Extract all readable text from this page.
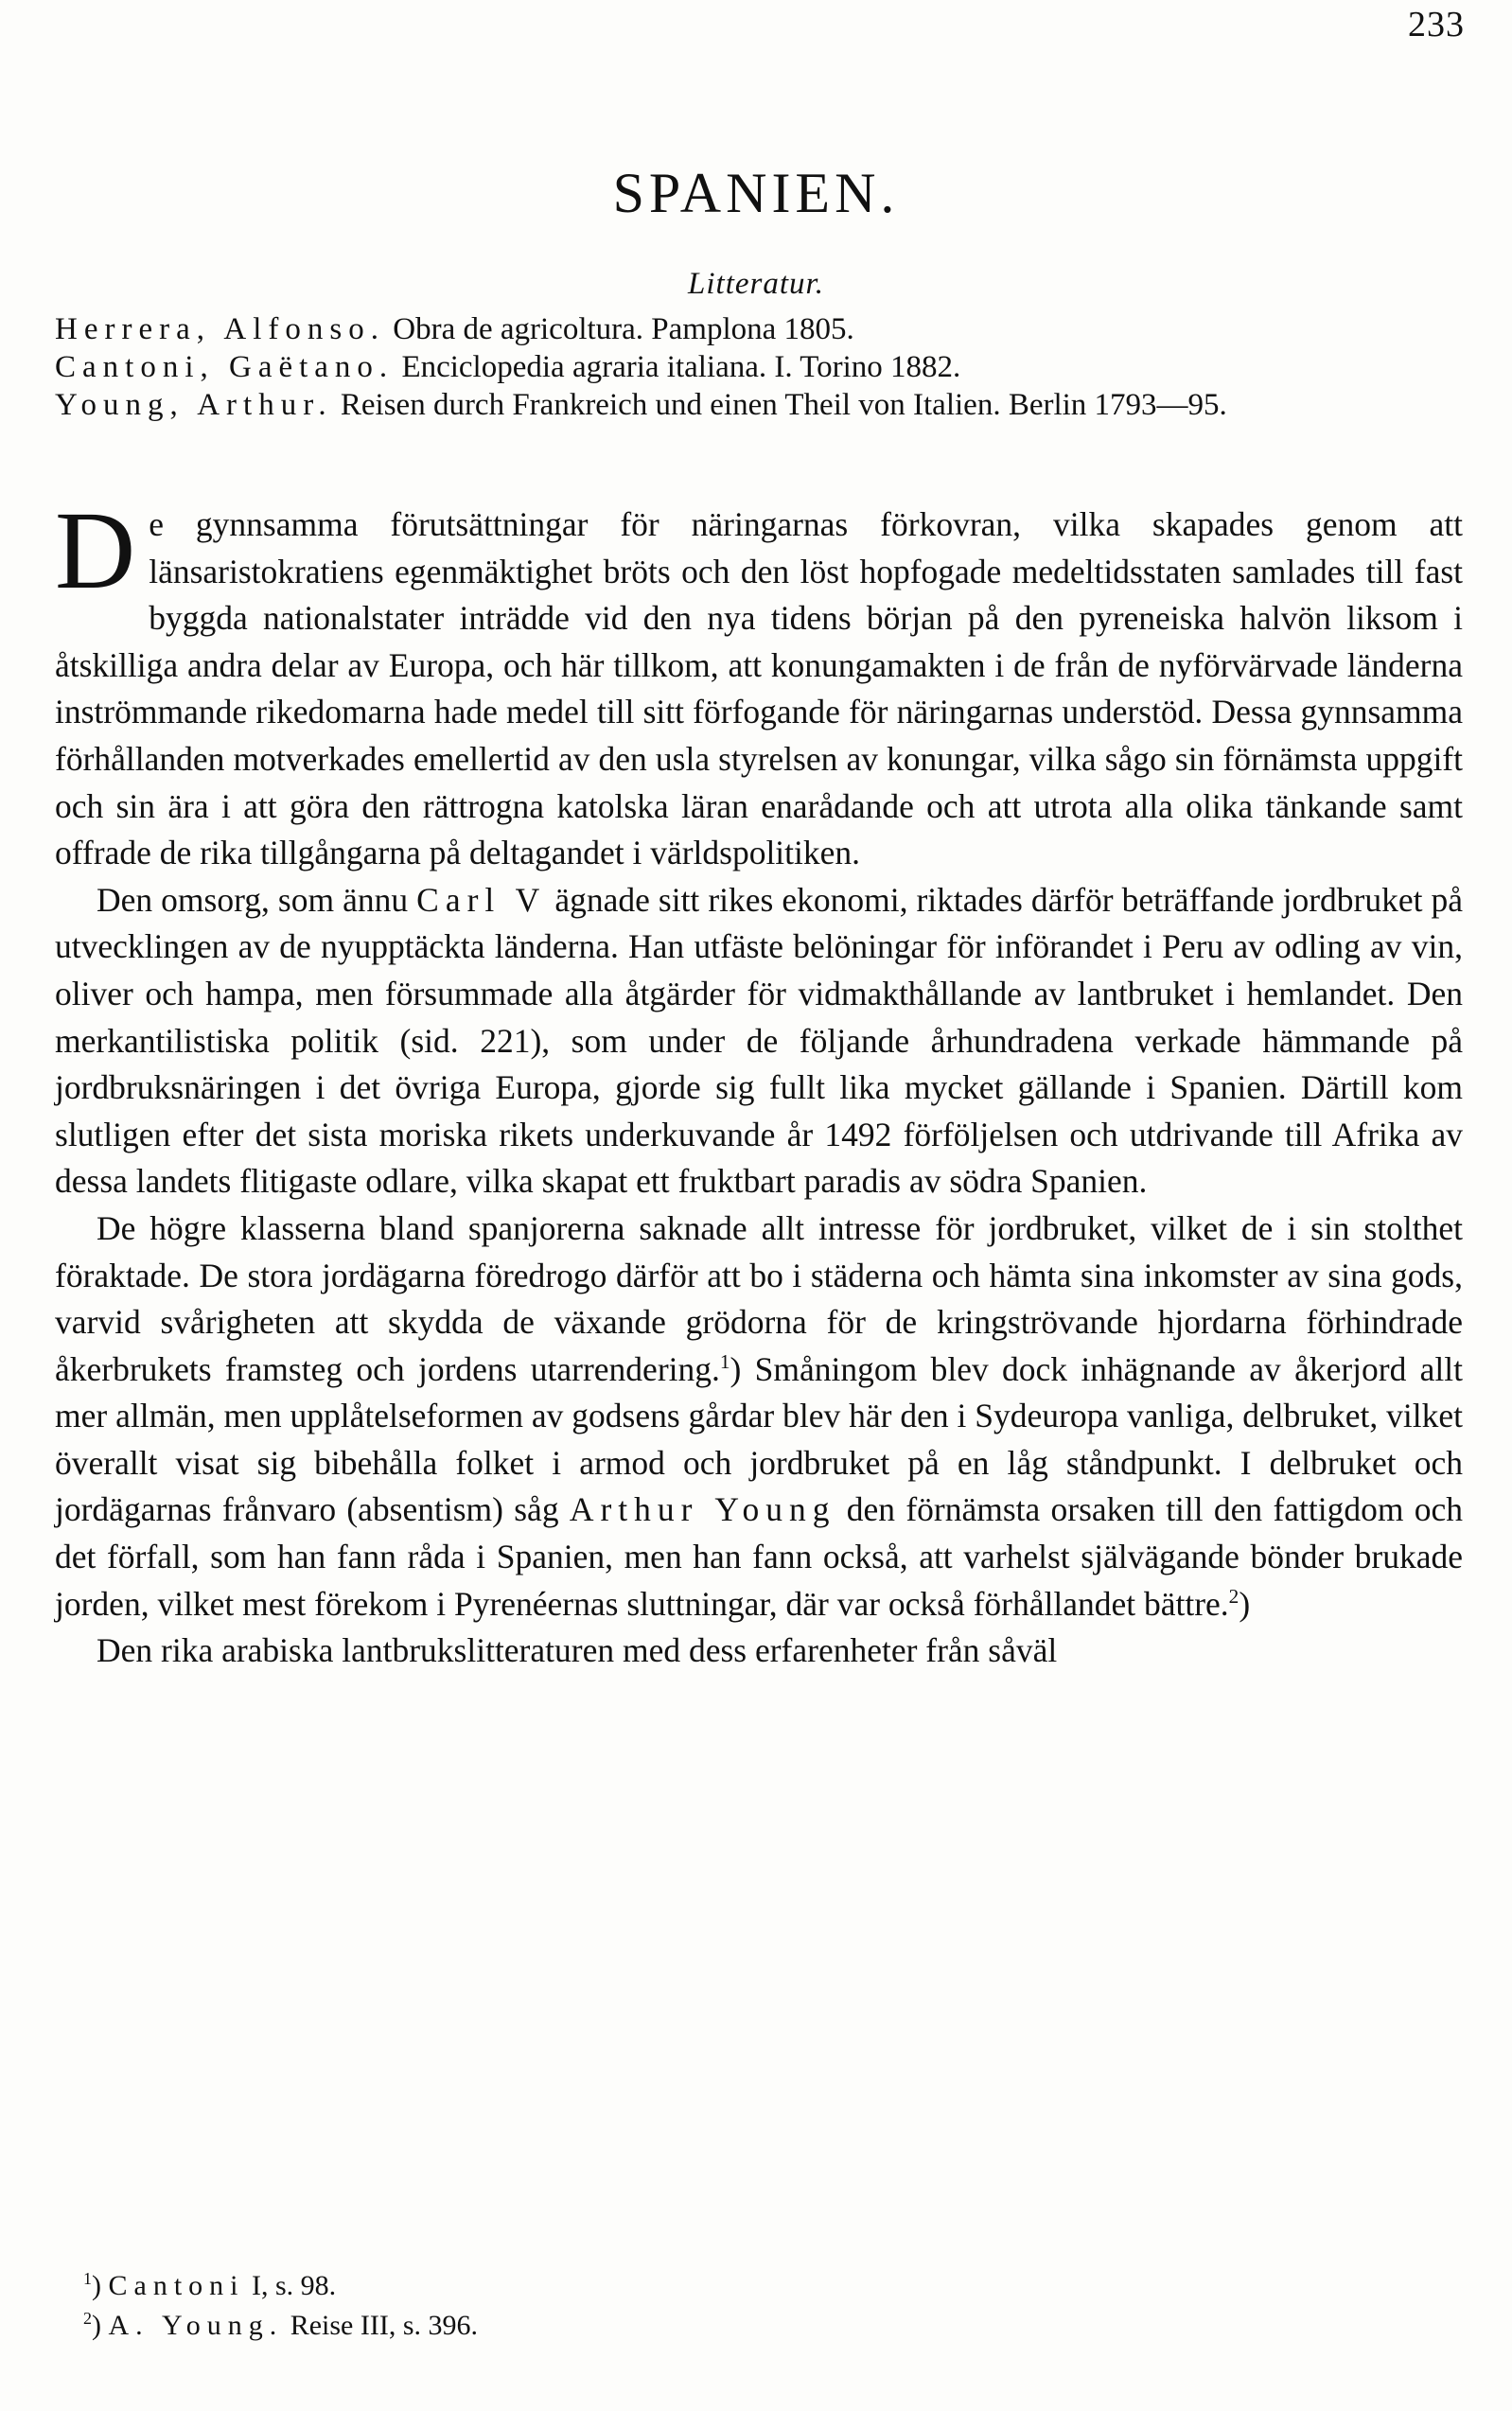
233
SPANIEN.

Litteratur.

Herrera, Alfonso. Obra de agricoltura. Pamplona 1805.

Cantoni, Gaëtano. Enciclopedia agraria italiana. I. Torino 1882.

Young, Arthur. Reisen durch Frankreich und einen Theil von Italien. Berlin 1793—95.

De gynnsamma förutsättningar för näringarnas förkovran, vilka skapades genom att länsaristokratiens egenmäktighet bröts och den löst hopfogade medeltidsstaten samlades till fast byggda nationalstater inträdde vid den nya tidens början på den pyreneiska halvön liksom i åtskilliga andra delar av Europa, och här tillkom, att konungamakten i de från de nyförvärvade länderna inströmmande rikedomarna hade medel till sitt förfogande för näringarnas understöd. Dessa gynnsamma förhållanden motverkades emellertid av den usla styrelsen av konungar, vilka sågo sin förnämsta uppgift och sin ära i att göra den rättrogna katolska läran enarådande och att utrota alla olika tänkande samt offrade de rika tillgångarna på deltagandet i världspolitiken.

Den omsorg, som ännu Carl V ägnade sitt rikes ekonomi, riktades därför beträffande jordbruket på utvecklingen av de nyupptäckta länderna. Han utfäste belöningar för införandet i Peru av odling av vin, oliver och hampa, men försummade alla åtgärder för vidmakthållande av lantbruket i hemlandet. Den merkantilistiska politik (sid. 221), som under de följande århundradena verkade hämmande på jordbruksnäringen i det övriga Europa, gjorde sig fullt lika mycket gällande i Spanien. Därtill kom slutligen efter det sista moriska rikets underkuvande år 1492 förföljelsen och utdrivande till Afrika av dessa landets flitigaste odlare, vilka skapat ett fruktbart paradis av södra Spanien.

De högre klasserna bland spanjorerna saknade allt intresse för jordbruket, vilket de i sin stolthet föraktade. De stora jordägarna föredrogo därför att bo i städerna och hämta sina inkomster av sina gods, varvid svårigheten att skydda de växande grödorna för de kringströvande hjordarna förhindrade åkerbrukets framsteg och jordens utarrendering.$^1$) Småningom blev dock inhägnande av åkerjord allt mer allmän, men upplåtelseformen av godsens gårdar blev här den i Sydeuropa vanliga, delbruket, vilket överallt visat sig bibehålla folket i armod och jordbruket på en låg ståndpunkt. I delbruket och jordägarnas frånvaro (absentism) såg Arthur Young den förnämsta orsaken till den fattigdom och det förfall, som han fann råda i Spanien, men han fann också, att varhelst självägande bönder brukade jorden, vilket mest förekom i Pyrenéernas sluttningar, där var också förhållandet bättre.$^2$)

Den rika arabiska lantbrukslitteraturen med dess erfarenheter från såväl

$^1$) Cantoni I, s. 98.

$^2$) A. Young. Reise III, s. 396.
